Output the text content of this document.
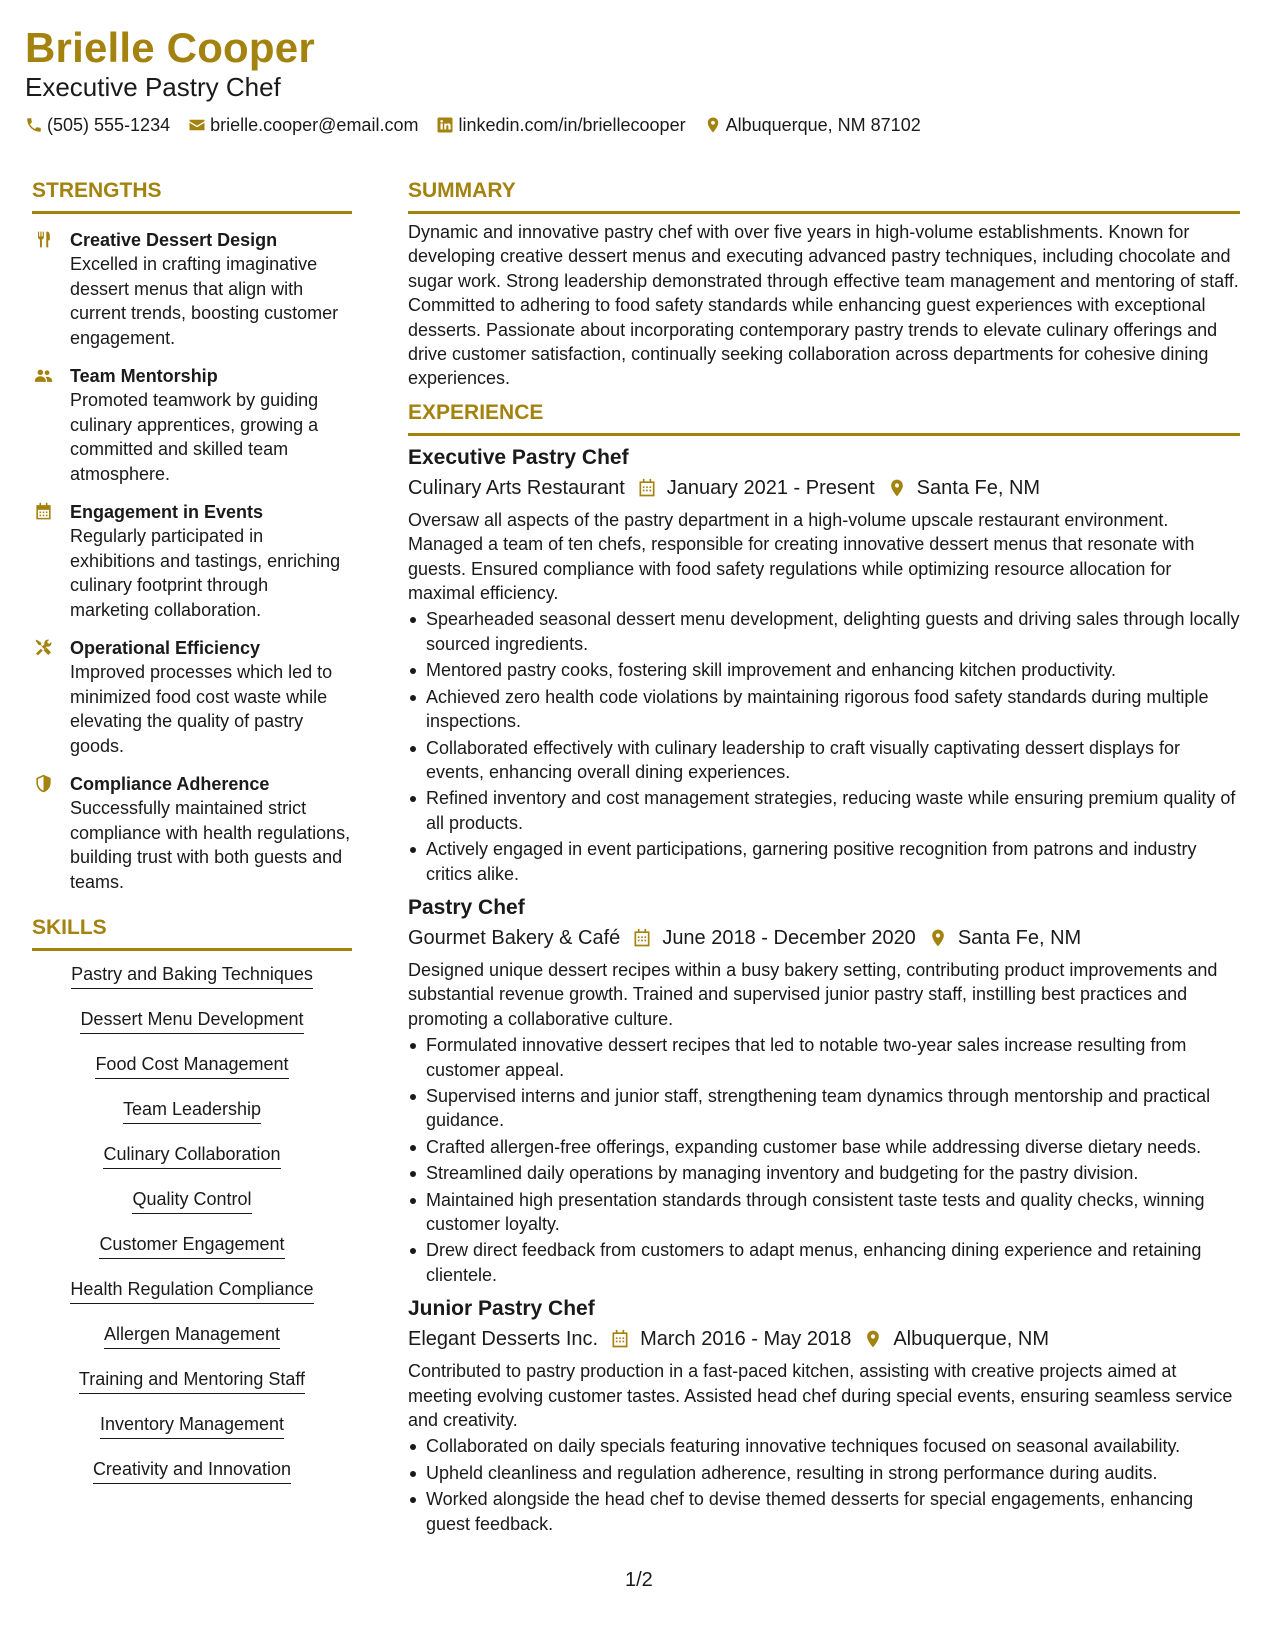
Brielle Cooper
Executive Pastry Chef
(505) 555-1234 brielle.cooper@email.com linkedin.com/in/briellecooper Albuquerque, NM 87102
STRENGTHS
Creative Dessert Design
Excelled in crafting imaginative dessert menus that align with current trends, boosting customer engagement.
Team Mentorship
Promoted teamwork by guiding culinary apprentices, growing a committed and skilled team atmosphere.
Engagement in Events
Regularly participated in exhibitions and tastings, enriching culinary footprint through marketing collaboration.
Operational Efficiency
Improved processes which led to minimized food cost waste while elevating the quality of pastry goods.
Compliance Adherence
Successfully maintained strict compliance with health regulations, building trust with both guests and teams.
SKILLS
Pastry and Baking Techniques
Dessert Menu Development
Food Cost Management
Team Leadership
Culinary Collaboration
Quality Control
Customer Engagement
Health Regulation Compliance
Allergen Management
Training and Mentoring Staff
Inventory Management
Creativity and Innovation
SUMMARY

Dynamic and innovative pastry chef with over five years in high-volume establishments. Known for developing creative dessert menus and executing advanced pastry techniques, including chocolate and sugar work. Strong leadership demonstrated through effective team management and mentoring of staff. Committed to adhering to food safety standards while enhancing guest experiences with exceptional desserts. Passionate about incorporating contemporary pastry trends to elevate culinary offerings and drive customer satisfaction, continually seeking collaboration across departments for cohesive dining experiences.

EXPERIENCE
Executive Pastry Chef
Culinary Arts Restaurant January 2021 - Present Santa Fe, NM

Oversaw all aspects of the pastry department in a high-volume upscale restaurant environment. Managed a team of ten chefs, responsible for creating innovative dessert menus that resonate with guests. Ensured compliance with food safety regulations while optimizing resource allocation for maximal efficiency.

Spearheaded seasonal dessert menu development, delighting guests and driving sales through locally sourced ingredients.
Mentored pastry cooks, fostering skill improvement and enhancing kitchen productivity.
Achieved zero health code violations by maintaining rigorous food safety standards during multiple inspections.
Collaborated effectively with culinary leadership to craft visually captivating dessert displays for events, enhancing overall dining experiences.
Refined inventory and cost management strategies, reducing waste while ensuring premium quality of all products.
Actively engaged in event participations, garnering positive recognition from patrons and industry critics alike.
Pastry Chef
Gourmet Bakery & Café June 2018 - December 2020 Santa Fe, NM

Designed unique dessert recipes within a busy bakery setting, contributing product improvements and substantial revenue growth. Trained and supervised junior pastry staff, instilling best practices and promoting a collaborative culture.

Formulated innovative dessert recipes that led to notable two-year sales increase resulting from customer appeal.
Supervised interns and junior staff, strengthening team dynamics through mentorship and practical guidance.
Crafted allergen-free offerings, expanding customer base while addressing diverse dietary needs.
Streamlined daily operations by managing inventory and budgeting for the pastry division.
Maintained high presentation standards through consistent taste tests and quality checks, winning customer loyalty.
Drew direct feedback from customers to adapt menus, enhancing dining experience and retaining clientele.
Junior Pastry Chef
Elegant Desserts Inc. March 2016 - May 2018 Albuquerque, NM

Contributed to pastry production in a fast-paced kitchen, assisting with creative projects aimed at meeting evolving customer tastes. Assisted head chef during special events, ensuring seamless service and creativity.

Collaborated on daily specials featuring innovative techniques focused on seasonal availability.
Upheld cleanliness and regulation adherence, resulting in strong performance during audits.
Worked alongside the head chef to devise themed desserts for special engagements, enhancing guest feedback.
1/2
